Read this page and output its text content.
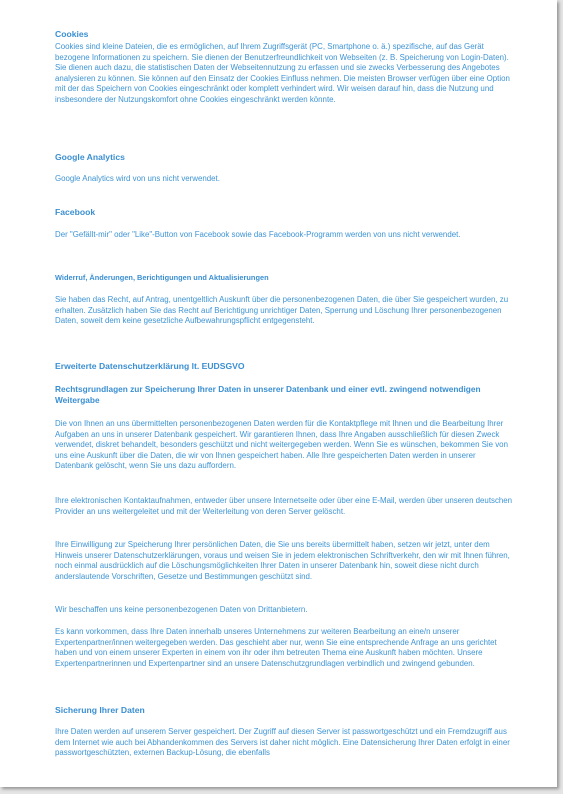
Cookies

Cookies sind kleine Dateien, die es ermöglichen, auf Ihrem Zugriffsgerät (PC, Smartphone o. ä.) spezifische, auf das Gerät bezogene Informationen zu speichern. Sie dienen der Benutzerfreundlichkeit von Webseiten (z. B. Speicherung von Login-Daten). Sie dienen auch dazu, die statistischen Daten der Webseitennutzung zu erfassen und sie zwecks Verbesserung des Angebotes analysieren zu können. Sie können auf den Einsatz der Cookies Einfluss nehmen. Die meisten Browser verfügen über eine Option mit der das Speichern von Cookies eingeschränkt oder komplett verhindert wird. Wir weisen darauf hin, dass die Nutzung und insbesondere der Nutzungskomfort ohne Cookies eingeschränkt werden könnte.

Google Analytics

Google Analytics wird von uns nicht verwendet.

Facebook

Der "Gefällt-mir" oder "Like"-Button von Facebook sowie das Facebook-Programm werden von uns nicht verwendet.

Widerruf, Änderungen, Berichtigungen und Aktualisierungen

Sie haben das Recht, auf Antrag, unentgeltlich Auskunft über die personenbezogenen Daten, die über Sie gespeichert wurden, zu erhalten. Zusätzlich haben Sie das Recht auf Berichtigung unrichtiger Daten, Sperrung und Löschung Ihrer personenbezogenen Daten, soweit dem keine gesetzliche Aufbewahrungspflicht entgegensteht.

Erweiterte Datenschutzerklärung lt. EUDSGVO
Rechtsgrundlagen zur Speicherung Ihrer Daten in unserer Datenbank und einer evtl. zwingend notwendigen Weitergabe

Die von Ihnen an uns übermittelten personenbezogenen Daten werden für die Kontaktpflege mit Ihnen und die Bearbeitung Ihrer Aufgaben an uns in unserer Datenbank gespeichert. Wir garantieren Ihnen, dass Ihre Angaben ausschließlich für diesen Zweck verwendet, diskret behandelt, besonders geschützt und nicht weitergegeben werden. Wenn Sie es wünschen, bekommen Sie von uns eine Auskunft über die Daten, die wir von Ihnen gespeichert haben. Alle Ihre gespeicherten Daten werden in unserer Datenbank gelöscht, wenn Sie uns dazu auffordern.

Ihre elektronischen Kontaktaufnahmen, entweder über unsere Internetseite oder über eine E-Mail, werden über unseren deutschen Provider an uns weitergeleitet und mit der Weiterleitung von deren Server gelöscht.

Ihre Einwilligung zur Speicherung Ihrer persönlichen Daten, die Sie uns bereits übermittelt haben, setzen wir jetzt, unter dem Hinweis unserer Datenschutzerklärungen, voraus und weisen Sie in jedem elektronischen Schriftverkehr, den wir mit Ihnen führen, noch einmal ausdrücklich auf die Löschungsmöglichkeiten Ihrer Daten in unserer Datenbank hin, soweit diese nicht durch anderslautende Vorschriften, Gesetze und Bestimmungen geschützt sind.

Wir beschaffen uns keine personenbezogenen Daten von Drittanbietern.

Es kann vorkommen, dass Ihre Daten innerhalb unseres Unternehmens zur weiteren Bearbeitung an eine/n unserer Expertenpartner/innen weitergegeben werden. Das geschieht aber nur, wenn Sie eine entsprechende Anfrage an uns gerichtet haben und von einem unserer Experten in einem von ihr oder ihm betreuten Thema eine Auskunft haben möchten. Unsere Expertenpartnerinnen und Expertenpartner sind an unsere Datenschutzgrundlagen verbindlich und zwingend gebunden.

Sicherung Ihrer Daten

Ihre Daten werden auf unserem Server gespeichert. Der Zugriff auf diesen Server ist passwortgeschützt und ein Fremdzugriff aus dem Internet wie auch bei Abhandenkommen des Servers ist daher nicht möglich. Eine Datensicherung Ihrer Daten erfolgt in einer passwortgeschützten, externen Backup-Lösung, die ebenfalls
